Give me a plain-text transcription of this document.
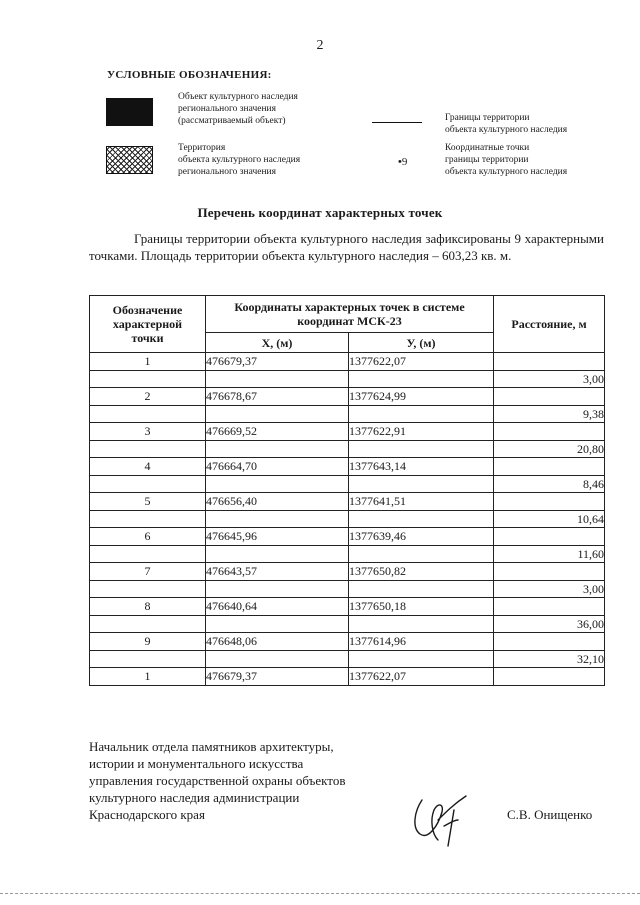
2
УСЛОВНЫЕ ОБОЗНАЧЕНИЯ:
Объект культурного наследия
регионального значения
(рассматриваемый объект)	Границы территории
объекта культурного наследия
Территория
объекта культурного наследия
регионального значения
•9
Координатные точки
границы территории
объекта культурного наследия
Перечень координат характерных точек
Границы территории объекта культурного наследия зафиксированы 9 характерными точками. Площадь территории объекта культурного наследия – 603,23 кв. м.
Обозначение характерной точки	Координаты характерных точек в системе координат МСК-23		Расстояние, м
	X, (м)	У, (м)	
1	476679,37	1377622,07	
			3,00
2	476678,67	1377624,99	
			9,38
3	476669,52	1377622,91	
			20,80
4	476664,70	1377643,14	
			8,46
5	476656,40	1377641,51	
			10,64
6	476645,96	1377639,46	
			11,60
7	476643,57	1377650,82	
			3,00
8	476640,64	1377650,18	
			36,00
9	476648,06	1377614,96	
			32,10
1	476679,37	1377622,07	
Начальник отдела памятников архитектуры,
истории и монументального искусства
управления государственной охраны объектов
культурного наследия администрации
Краснодарского края	С.В. Онищенко
